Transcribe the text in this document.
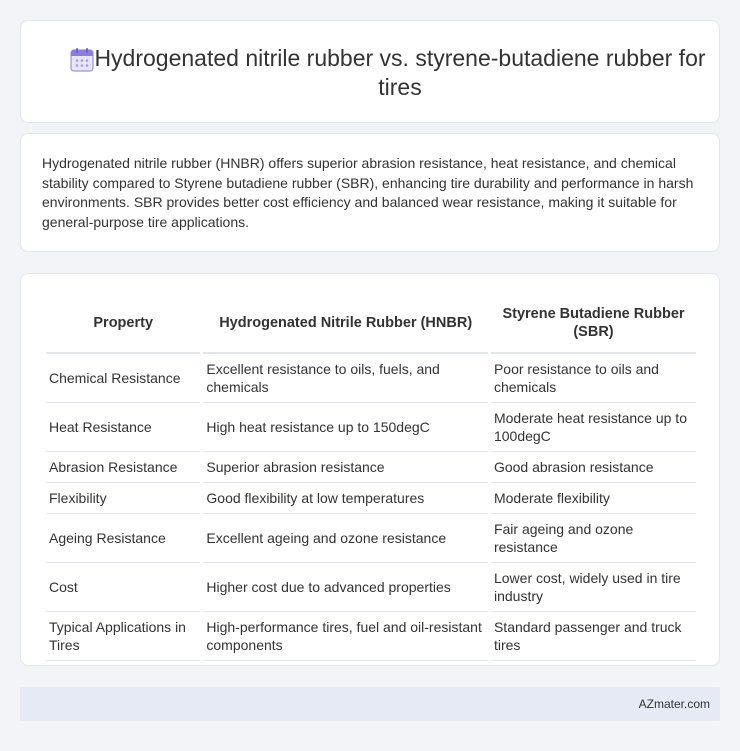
Hydrogenated nitrile rubber vs. styrene-butadiene rubber for tires

Hydrogenated nitrile rubber (HNBR) offers superior abrasion resistance, heat resistance, and chemical stability compared to Styrene butadiene rubber (SBR), enhancing tire durability and performance in harsh environments. SBR provides better cost efficiency and balanced wear resistance, making it suitable for general-purpose tire applications.

Property	Hydrogenated Nitrile Rubber (HNBR)	Styrene Butadiene Rubber (SBR)
Chemical Resistance	Excellent resistance to oils, fuels, and chemicals	Poor resistance to oils and chemicals
Heat Resistance	High heat resistance up to 150degC	Moderate heat resistance up to 100degC
Abrasion Resistance	Superior abrasion resistance	Good abrasion resistance
Flexibility	Good flexibility at low temperatures	Moderate flexibility
Ageing Resistance	Excellent ageing and ozone resistance	Fair ageing and ozone resistance
Cost	Higher cost due to advanced properties	Lower cost, widely used in tire industry
Typical Applications in Tires	High-performance tires, fuel and oil-resistant components	Standard passenger and truck tires
AZmater.com
